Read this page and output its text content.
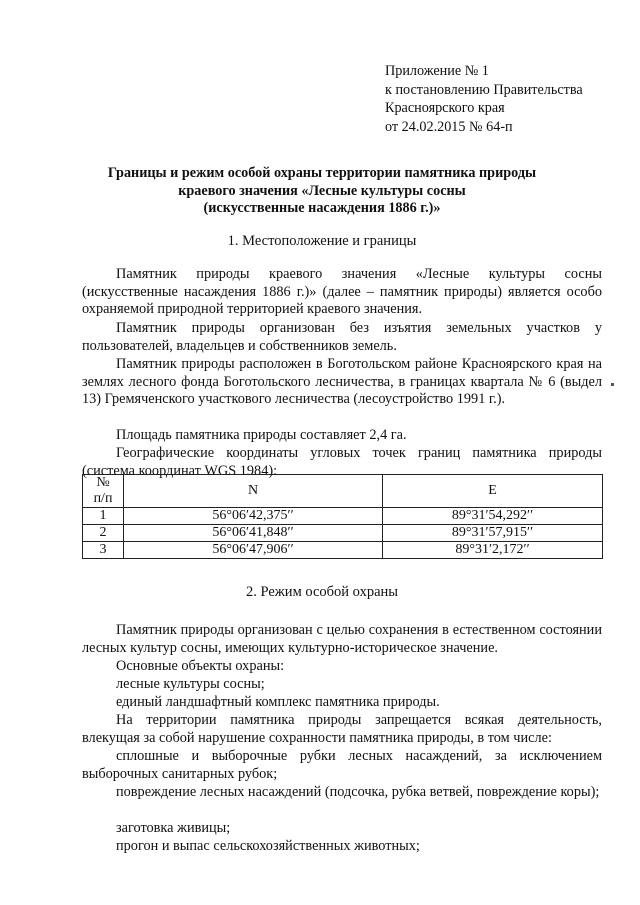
Приложение № 1
к постановлению Правительства
Красноярского края
от 24.02.2015 № 64-п
Границы и режим особой охраны территории памятника природы
краевого значения «Лесные культуры сосны
(искусственные насаждения 1886 г.)»
1. Местоположение и границы
Памятник природы краевого значения «Лесные культуры сосны (искусственные насаждения 1886 г.)» (далее – памятник природы) является особо охраняемой природной территорией краевого значения.
Памятник природы организован без изъятия земельных участков у пользователей, владельцев и собственников земель.
Памятник природы расположен в Боготольском районе Красноярского края на землях лесного фонда Боготольского лесничества, в границах квартала № 6 (выдел 13) Гремяченского участкового лесничества (лесоустройство 1991 г.).
Площадь памятника природы составляет 2,4 га.
Географические координаты угловых точек границ памятника природы (система координат WGS 1984):
№
п/п	N	E
1	56°06′42,375′′	89°31′54,292′′
2	56°06′41,848′′	89°31′57,915′′
3	56°06′47,906′′	89°31′2,172′′
2. Режим особой охраны
Памятник природы организован с целью сохранения в естественном состоянии лесных культур сосны, имеющих культурно-историческое значение.
Основные объекты охраны:
лесные культуры сосны;
единый ландшафтный комплекс памятника природы.
На территории памятника природы запрещается всякая деятельность, влекущая за собой нарушение сохранности памятника природы, в том числе:
сплошные и выборочные рубки лесных насаждений, за исключением выборочных санитарных рубок;
повреждение лесных насаждений (подсочка, рубка ветвей, повреждение коры);
заготовка живицы;
прогон и выпас сельскохозяйственных животных;
